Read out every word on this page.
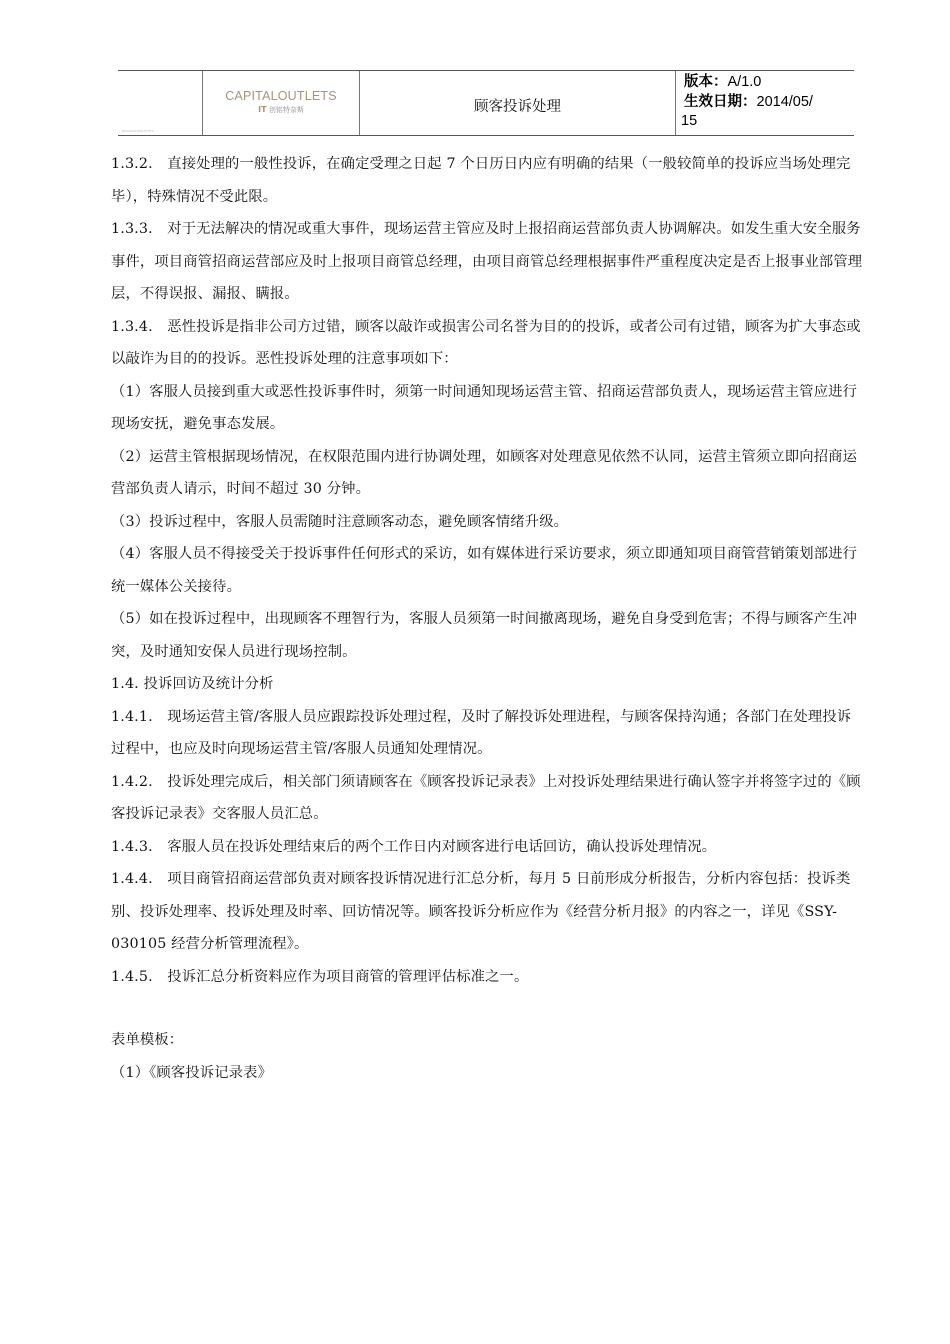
NEUSPORTSOUTLETS
CAPITALOUTLETS
IT 创铭特奈斯	顾客投诉处理
版本：A/1.0
生效日期：2014/05/
15

1.3.2.　直接处理的一般性投诉，在确定受理之日起 7 个日历日内应有明确的结果（一般较简单的投诉应当场处理完毕），特殊情况不受此限。

1.3.3.　对于无法解决的情况或重大事件，现场运营主管应及时上报招商运营部负责人协调解决。如发生重大安全服务事件，项目商管招商运营部应及时上报项目商管总经理，由项目商管总经理根据事件严重程度决定是否上报事业部管理层，不得误报、漏报、瞒报。

1.3.4.　恶性投诉是指非公司方过错，顾客以敲诈或损害公司名誉为目的的投诉，或者公司有过错，顾客为扩大事态或以敲诈为目的的投诉。恶性投诉处理的注意事项如下：

（1）客服人员接到重大或恶性投诉事件时，须第一时间通知现场运营主管、招商运营部负责人，现场运营主管应进行现场安抚，避免事态发展。

（2）运营主管根据现场情况，在权限范围内进行协调处理，如顾客对处理意见依然不认同，运营主管须立即向招商运营部负责人请示，时间不超过 30 分钟。

（3）投诉过程中，客服人员需随时注意顾客动态，避免顾客情绪升级。

（4）客服人员不得接受关于投诉事件任何形式的采访，如有媒体进行采访要求，须立即通知项目商管营销策划部进行统一媒体公关接待。

（5）如在投诉过程中，出现顾客不理智行为，客服人员须第一时间撤离现场，避免自身受到危害；不得与顾客产生冲突，及时通知安保人员进行现场控制。

1.4. 投诉回访及统计分析

1.4.1.　现场运营主管/客服人员应跟踪投诉处理过程，及时了解投诉处理进程，与顾客保持沟通；各部门在处理投诉过程中，也应及时向现场运营主管/客服人员通知处理情况。

1.4.2.　投诉处理完成后，相关部门须请顾客在《顾客投诉记录表》上对投诉处理结果进行确认签字并将签字过的《顾客投诉记录表》交客服人员汇总。

1.4.3.　客服人员在投诉处理结束后的两个工作日内对顾客进行电话回访，确认投诉处理情况。

1.4.4.　项目商管招商运营部负责对顾客投诉情况进行汇总分析，每月 5 日前形成分析报告，分析内容包括：投诉类别、投诉处理率、投诉处理及时率、回访情况等。顾客投诉分析应作为《经营分析月报》的内容之一，详见《SSY-030105 经营分析管理流程》。

1.4.5.　投诉汇总分析资料应作为项目商管的管理评估标准之一。

表单模板：

（1）《顾客投诉记录表》
